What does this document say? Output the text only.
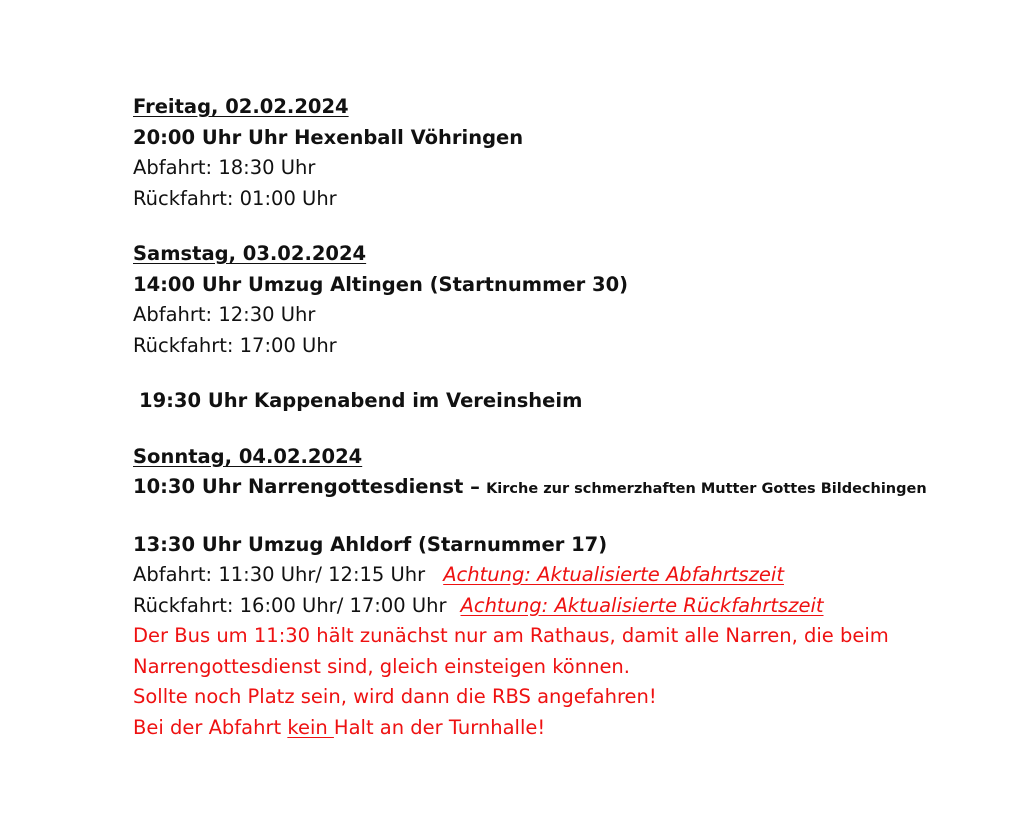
Freitag, 02.02.2024
20:00 Uhr Uhr Hexenball Vöhringen
Abfahrt: 18:30 Uhr
Rückfahrt: 01:00 Uhr
Samstag, 03.02.2024
14:00 Uhr Umzug Altingen (Startnummer 30)
Abfahrt: 12:30 Uhr
Rückfahrt: 17:00 Uhr
19:30 Uhr Kappenabend im Vereinsheim
Sonntag, 04.02.2024
10:30 Uhr Narrengottesdienst – Kirche zur schmerzhaften Mutter Gottes Bildechingen
13:30 Uhr Umzug Ahldorf (Starnummer 17)
Abfahrt: 11:30 Uhr/ 12:15 Uhr Achtung: Aktualisierte Abfahrtszeit
Rückfahrt: 16:00 Uhr/ 17:00 Uhr Achtung: Aktualisierte Rückfahrtszeit
Der Bus um 11:30 hält zunächst nur am Rathaus, damit alle Narren, die beim
Narrengottesdienst sind, gleich einsteigen können.
Sollte noch Platz sein, wird dann die RBS angefahren!
Bei der Abfahrt kein Halt an der Turnhalle!
